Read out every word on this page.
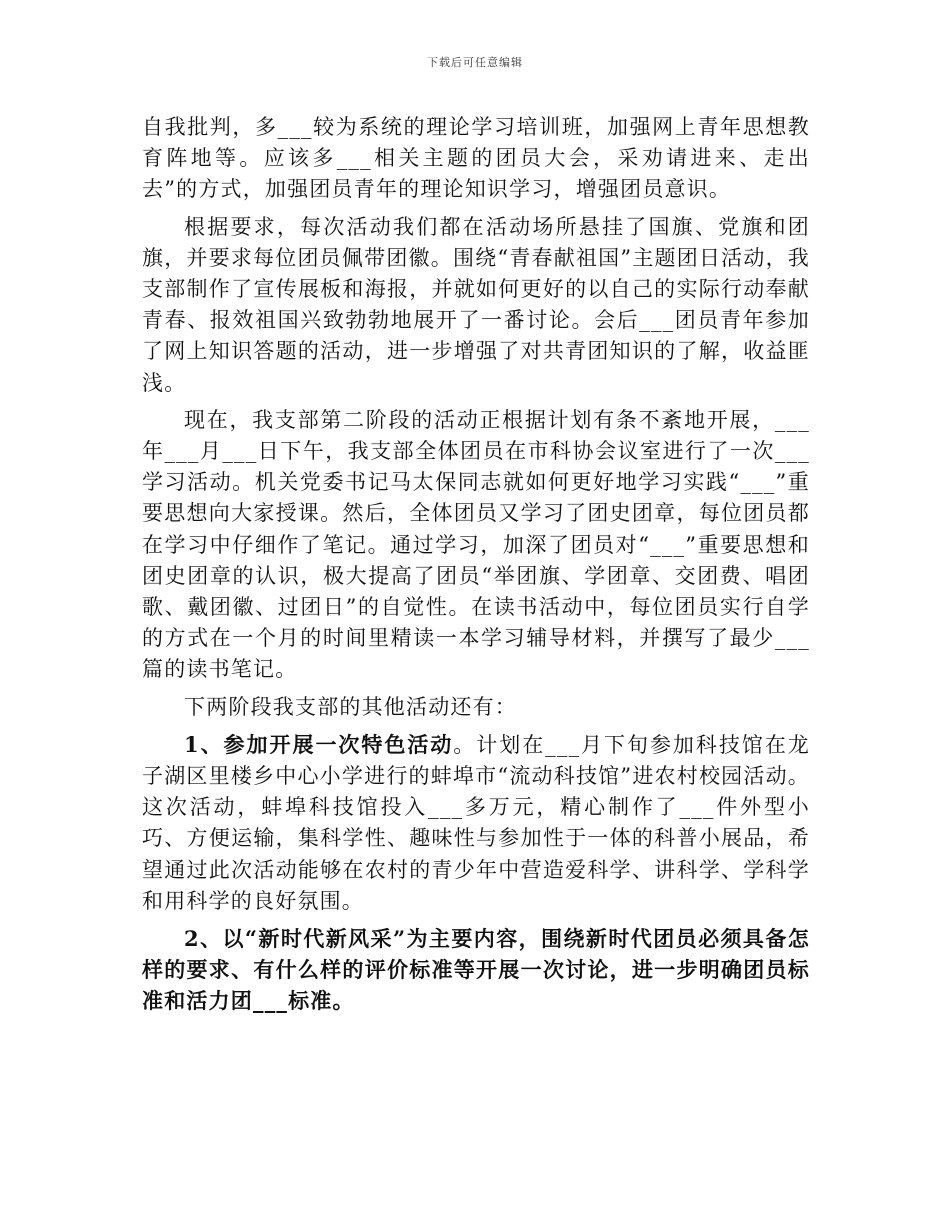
下载后可任意编辑

自我批判，多___较为系统的理论学习培训班，加强网上青年思想教育阵地等。应该多___相关主题的团员大会，采劝请进来、走出去”的方式，加强团员青年的理论知识学习，增强团员意识。

根据要求，每次活动我们都在活动场所悬挂了国旗、党旗和团旗，并要求每位团员佩带团徽。围绕“青春献祖国”主题团日活动，我支部制作了宣传展板和海报，并就如何更好的以自己的实际行动奉献青春、报效祖国兴致勃勃地展开了一番讨论。会后___团员青年参加了网上知识答题的活动，进一步增强了对共青团知识的了解，收益匪浅。

现在，我支部第二阶段的活动正根据计划有条不紊地开展，___年___月___日下午，我支部全体团员在市科协会议室进行了一次___学习活动。机关党委书记马太保同志就如何更好地学习实践“___”重要思想向大家授课。然后，全体团员又学习了团史团章，每位团员都在学习中仔细作了笔记。通过学习，加深了团员对“___”重要思想和团史团章的认识，极大提高了团员“举团旗、学团章、交团费、唱团歌、戴团徽、过团日”的自觉性。在读书活动中，每位团员实行自学的方式在一个月的时间里精读一本学习辅导材料，并撰写了最少___篇的读书笔记。

下两阶段我支部的其他活动还有：

1、参加开展一次特色活动。计划在___月下旬参加科技馆在龙子湖区里楼乡中心小学进行的蚌埠市“流动科技馆”进农村校园活动。这次活动，蚌埠科技馆投入___多万元，精心制作了___件外型小巧、方便运输，集科学性、趣味性与参加性于一体的科普小展品，希望通过此次活动能够在农村的青少年中营造爱科学、讲科学、学科学和用科学的良好氛围。

2、以“新时代新风采”为主要内容，围绕新时代团员必须具备怎样的要求、有什么样的评价标准等开展一次讨论，进一步明确团员标准和活力团___标准。
